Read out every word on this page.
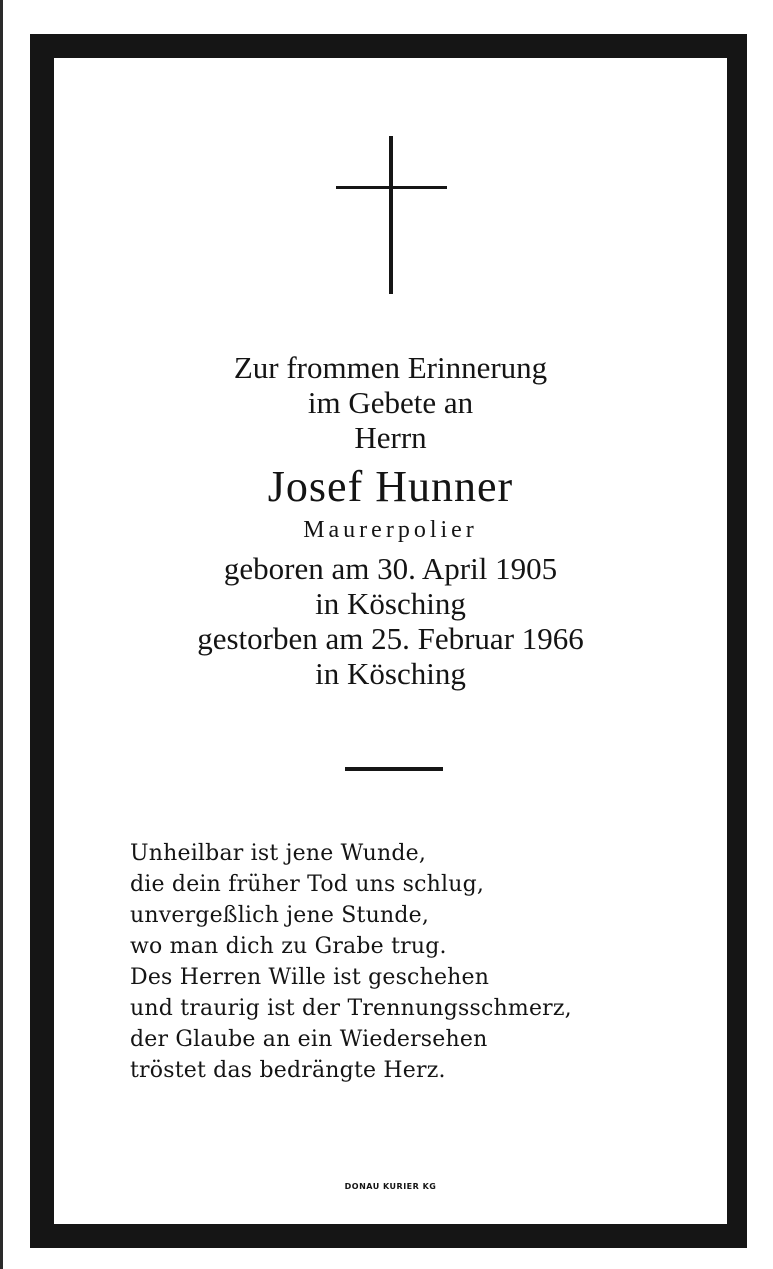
Zur frommen Erinnerung
im Gebete an
Herrn
Josef Hunner
Maurerpolier
geboren am 30. April 1905
in Kösching
gestorben am 25. Februar 1966
in Kösching
Unheilbar ist jene Wunde,
die dein früher Tod uns schlug,
unvergeßlich jene Stunde,
wo man dich zu Grabe trug.
Des Herren Wille ist geschehen
und traurig ist der Trennungsschmerz,
der Glaube an ein Wiedersehen
tröstet das bedrängte Herz.
DONAU KURIER KG
